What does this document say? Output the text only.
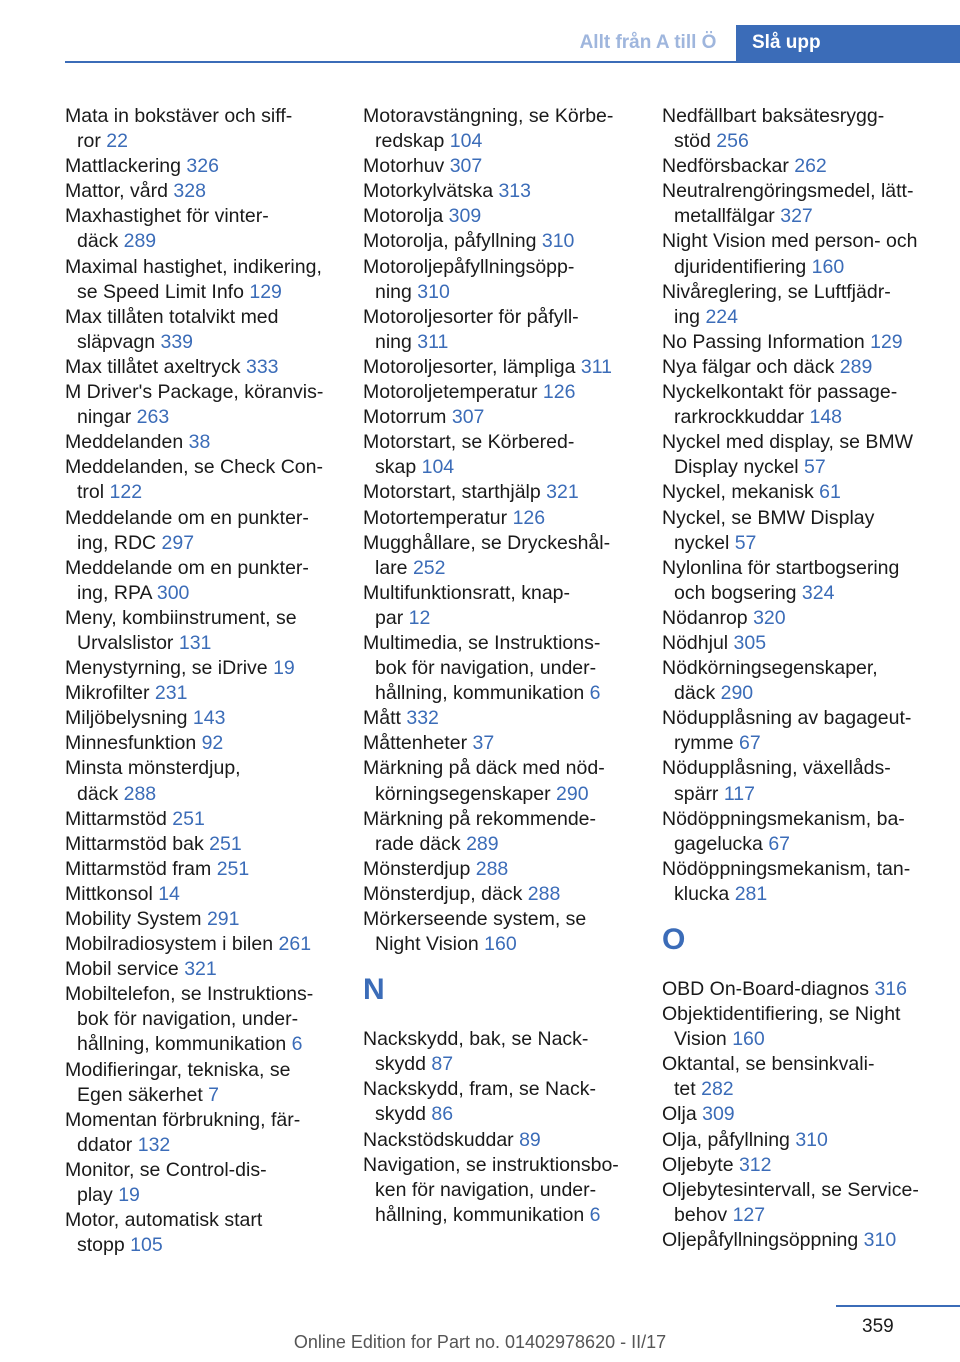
Allt från A till Ö	Slå upp
Mata in bokstäver och siff-
ror 22
Mattlackering 326
Mattor, vård 328
Maxhastighet för vinter-
däck 289
Maximal hastighet, indikering,
se Speed Limit Info 129
Max tillåten totalvikt med
släpvagn 339
Max tillåtet axeltryck 333
M Driver's Package, köranvis-
ningar 263
Meddelanden 38
Meddelanden, se Check Con-
trol 122
Meddelande om en punkter-
ing, RDC 297
Meddelande om en punkter-
ing, RPA 300
Meny, kombiinstrument, se
Urvalslistor 131
Menystyrning, se iDrive 19
Mikrofilter 231
Miljöbelysning 143
Minnesfunktion 92
Minsta mönsterdjup,
däck 288
Mittarmstöd 251
Mittarmstöd bak 251
Mittarmstöd fram 251
Mittkonsol 14
Mobility System 291
Mobilradiosystem i bilen 261
Mobil service 321
Mobiltelefon, se Instruktions-
bok för navigation, under-
hållning, kommunikation 6
Modifieringar, tekniska, se
Egen säkerhet 7
Momentan förbrukning, fär-
ddator 132
Monitor, se Control-dis-
play 19
Motor, automatisk start
stopp 105
Motoravstängning, se Körbe-
redskap 104
Motorhuv 307
Motorkylvätska 313
Motorolja 309
Motorolja, påfyllning 310
Motoroljepåfyllningsöpp-
ning 310
Motoroljesorter för påfyll-
ning 311
Motoroljesorter, lämpliga 311
Motoroljetemperatur 126
Motorrum 307
Motorstart, se Körbered-
skap 104
Motorstart, starthjälp 321
Motortemperatur 126
Mugghållare, se Dryckeshål-
lare 252
Multifunktionsratt, knap-
par 12
Multimedia, se Instruktions-
bok för navigation, under-
hållning, kommunikation 6
Mått 332
Måttenheter 37
Märkning på däck med nöd-
körningsegenskaper 290
Märkning på rekommende-
rade däck 289
Mönsterdjup 288
Mönsterdjup, däck 288
Mörkerseende system, se
Night Vision 160
N
Nackskydd, bak, se Nack-
skydd 87
Nackskydd, fram, se Nack-
skydd 86
Nackstödskuddar 89
Navigation, se instruktionsbo-
ken för navigation, under-
hållning, kommunikation 6
Nedfällbart baksätesrygg-
stöd 256
Nedförsbackar 262
Neutralrengöringsmedel, lätt-
metallfälgar 327
Night Vision med person- och
djuridentifiering 160
Nivåreglering, se Luftfjädr-
ing 224
No Passing Information 129
Nya fälgar och däck 289
Nyckelkontakt för passage-
rarkrockkuddar 148
Nyckel med display, se BMW
Display nyckel 57
Nyckel, mekanisk 61
Nyckel, se BMW Display
nyckel 57
Nylonlina för startbogsering
och bogsering 324
Nödanrop 320
Nödhjul 305
Nödkörningsegenskaper,
däck 290
Nödupplåsning av bagageut-
rymme 67
Nödupplåsning, växellåds-
spärr 117
Nödöppningsmekanism, ba-
gagelucka 67
Nödöppningsmekanism, tan-
klucka 281
O
OBD On-Board-diagnos 316
Objektidentifiering, se Night
Vision 160
Oktantal, se bensinkvali-
tet 282
Olja 309
Olja, påfyllning 310
Oljebyte 312
Oljebytesintervall, se Service-
behov 127
Oljepåfyllningsöppning 310
359
Online Edition for Part no. 01402978620 - II/17
